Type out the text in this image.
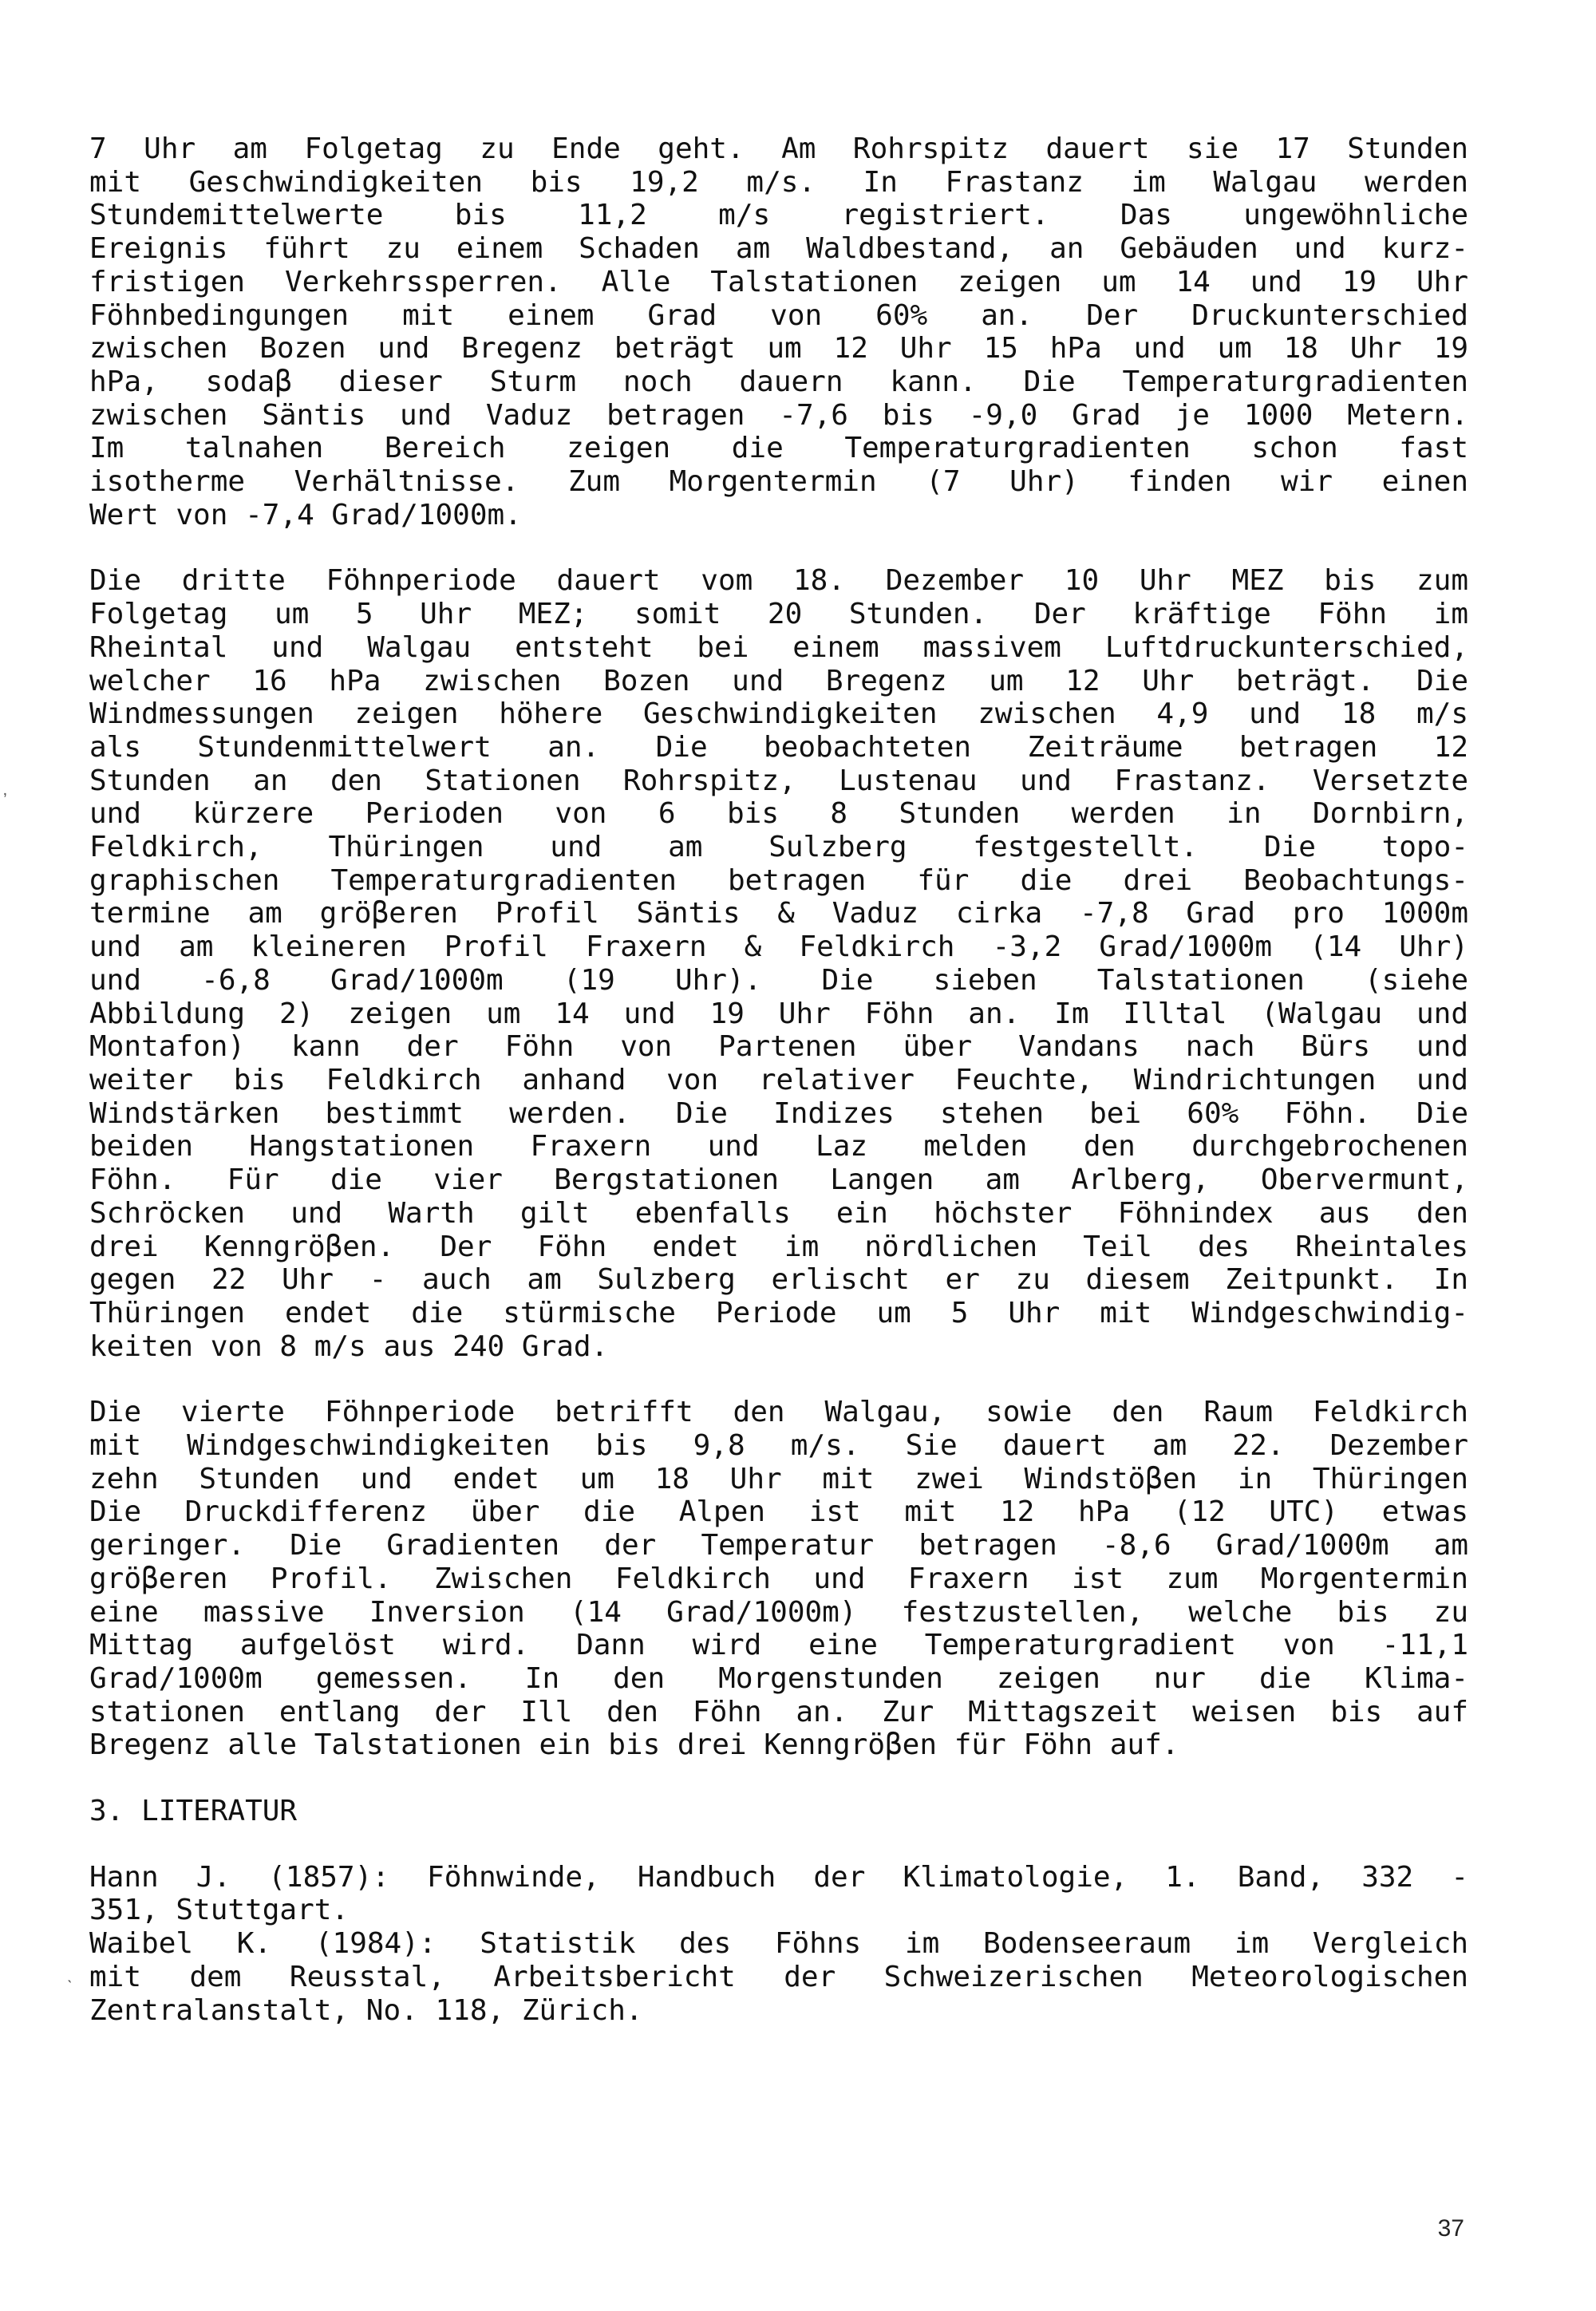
7 Uhr am Folgetag zu Ende geht. Am Rohrspitz dauert sie 17 Stunden
mit Geschwindigkeiten bis 19,2 m/s. In Frastanz im Walgau werden
Stundemittelwerte bis 11,2 m/s registriert. Das ungewöhnliche
Ereignis führt zu einem Schaden am Waldbestand, an Gebäuden und kurz-
fristigen Verkehrssperren. Alle Talstationen zeigen um 14 und 19 Uhr
Föhnbedingungen mit einem Grad von 60% an. Der Druckunterschied
zwischen Bozen und Bregenz beträgt um 12 Uhr 15 hPa und um 18 Uhr 19
hPa, sodaβ dieser Sturm noch dauern kann. Die Temperaturgradienten
zwischen Säntis und Vaduz betragen -7,6 bis -9,0 Grad je 1000 Metern.
Im talnahen Bereich zeigen die Temperaturgradienten schon fast
isotherme Verhältnisse. Zum Morgentermin (7 Uhr) finden wir einen
Wert von -7,4 Grad/1000m.
Die dritte Föhnperiode dauert vom 18. Dezember 10 Uhr MEZ bis zum
Folgetag um 5 Uhr MEZ; somit 20 Stunden. Der kräftige Föhn im
Rheintal und Walgau entsteht bei einem massivem Luftdruckunterschied,
welcher 16 hPa zwischen Bozen und Bregenz um 12 Uhr beträgt. Die
Windmessungen zeigen höhere Geschwindigkeiten zwischen 4,9 und 18 m/s
als Stundenmittelwert an. Die beobachteten Zeiträume betragen 12
Stunden an den Stationen Rohrspitz, Lustenau und Frastanz. Versetzte
und kürzere Perioden von 6 bis 8 Stunden werden in Dornbirn,
Feldkirch, Thüringen und am Sulzberg festgestellt. Die topo-
graphischen Temperaturgradienten betragen für die drei Beobachtungs-
termine am gröβeren Profil Säntis & Vaduz cirka -7,8 Grad pro 1000m
und am kleineren Profil Fraxern & Feldkirch -3,2 Grad/1000m (14 Uhr)
und -6,8 Grad/1000m (19 Uhr). Die sieben Talstationen (siehe
Abbildung 2) zeigen um 14 und 19 Uhr Föhn an. Im Illtal (Walgau und
Montafon) kann der Föhn von Partenen über Vandans nach Bürs und
weiter bis Feldkirch anhand von relativer Feuchte, Windrichtungen und
Windstärken bestimmt werden. Die Indizes stehen bei 60% Föhn. Die
beiden Hangstationen Fraxern und Laz melden den durchgebrochenen
Föhn. Für die vier Bergstationen Langen am Arlberg, Obervermunt,
Schröcken und Warth gilt ebenfalls ein höchster Föhnindex aus den
drei Kenngröβen. Der Föhn endet im nördlichen Teil des Rheintales
gegen 22 Uhr - auch am Sulzberg erlischt er zu diesem Zeitpunkt. In
Thüringen endet die stürmische Periode um 5 Uhr mit Windgeschwindig-
keiten von 8 m/s aus 240 Grad.
Die vierte Föhnperiode betrifft den Walgau, sowie den Raum Feldkirch
mit Windgeschwindigkeiten bis 9,8 m/s. Sie dauert am 22. Dezember
zehn Stunden und endet um 18 Uhr mit zwei Windstöβen in Thüringen
Die Druckdifferenz über die Alpen ist mit 12 hPa (12 UTC) etwas
geringer. Die Gradienten der Temperatur betragen -8,6 Grad/1000m am
gröβeren Profil. Zwischen Feldkirch und Fraxern ist zum Morgentermin
eine massive Inversion (14 Grad/1000m) festzustellen, welche bis zu
Mittag aufgelöst wird. Dann wird eine Temperaturgradient von -11,1
Grad/1000m gemessen. In den Morgenstunden zeigen nur die Klima-
stationen entlang der Ill den Föhn an. Zur Mittagszeit weisen bis auf
Bregenz alle Talstationen ein bis drei Kenngröβen für Föhn auf.
3. LITERATUR
Hann J. (1857): Föhnwinde, Handbuch der Klimatologie, 1. Band, 332 -
351, Stuttgart.
Waibel K. (1984): Statistik des Föhns im Bodenseeraum im Vergleich
mit dem Reusstal, Arbeitsbericht der Schweizerischen Meteorologischen
Zentralanstalt, No. 118, Zürich.
37
ʼ
ˎ
